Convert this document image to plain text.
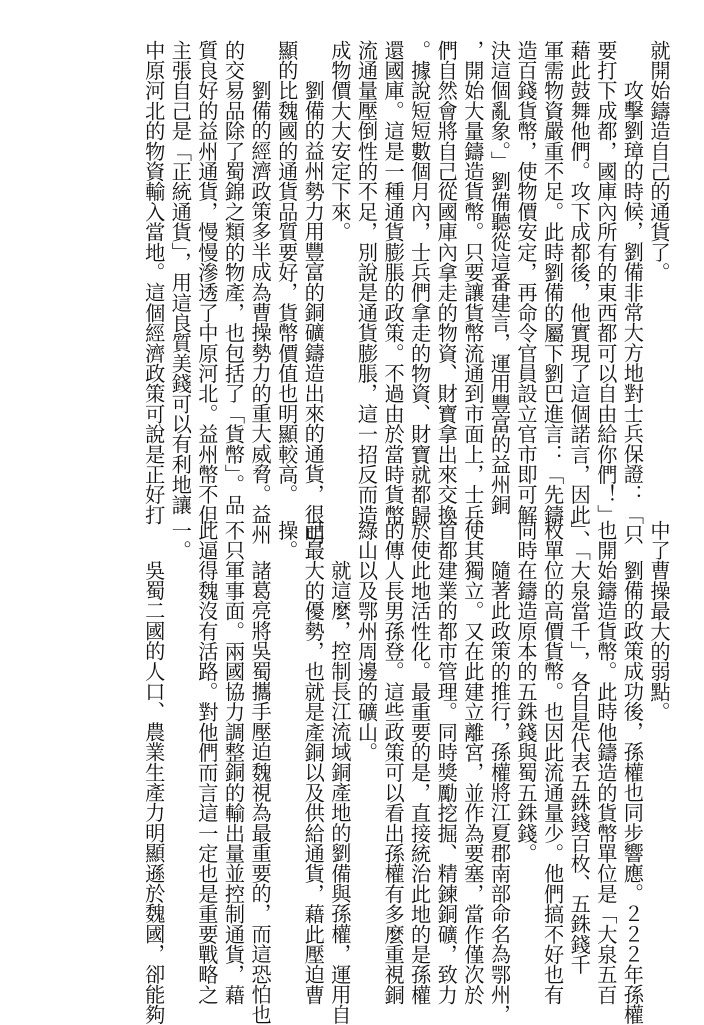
就開始鑄造自己的通貨了。
攻擊劉璋的時候，劉備非常大方地對士兵保證：「只
要打下成都，國庫內所有的東西都可以自由給你們！」
藉此鼓舞他們。攻下成都後，他實現了這個諾言，因此
軍需物資嚴重不足。此時劉備的屬下劉巴進言：「先鑄
造百錢貨幣，使物價安定，再命令官員設立官市即可解
決這個亂象。」劉備聽從這番建言，運用豐富的益州銅
，開始大量鑄造貨幣。只要讓貨幣流通到市面上，士兵
們自然會將自己從國庫內拿走的物資、財寶拿出來交換
。據說短短數個月內，士兵們拿走的物資、財寶就都歸
還國庫。這是一種通貨膨脹的政策。不過由於當時貨幣
流通量壓倒性的不足，別說是通貨膨脹，這一招反而造
成物價大大安定下來。
劉備的益州勢力用豐富的銅礦鑄造出來的通貨，很明
顯的比魏國的通貨品質要好，貨幣價值也明顯較高。
劉備的經濟政策多半成為曹操勢力的重大威脅。益州
的交易品除了蜀錦之類的物產，也包括了「貨幣」。品
質良好的益州通貨，慢慢滲透了中原河北。益州幣不但
主張自己是「正統通貨」，用這良質美錢可以有利地讓
中原河北的物資輸入當地。這個經濟政策可說是正好打
中了曹操最大的弱點。
劉備的政策成功後，孫權也同步響應。２２２年孫權
也開始鑄造貨幣。此時他鑄造的貨幣單位是「大泉五百
」、「大泉當千」，各自是代表五銖錢百枚、五銖錢千
枚單位的高價貨幣。也因此流通量少。他們搞不好也有
同時在鑄造原本的五銖錢與蜀五銖錢。
隨著此政策的推行，孫權將江夏郡南部命名為鄂州，
使其獨立。又在此建立離宮，並作為要塞，當作僅次於
首都建業的都市管理。同時獎勵挖掘、精鍊銅礦，致力
於使此地活性化。最重要的是，直接統治此地的是孫權
的傳人長男孫登。這些政策可以看出孫權有多麼重視銅
綠山以及鄂州周邊的礦山。
就這麼，控制長江流域銅產地的劉備與孫權，運用自
己最大的優勢，也就是產銅以及供給通貨，藉此壓迫曹
操。
諸葛亮將吳蜀攜手壓迫魏視為最重要的，而這恐怕也
不只軍事面。兩國協力調整銅的輸出量並控制通貨，藉
此逼得魏沒有活路。對他們而言這一定也是重要戰略之
一。
吳蜀二國的人口、農業生產力明顯遜於魏國，卻能夠
